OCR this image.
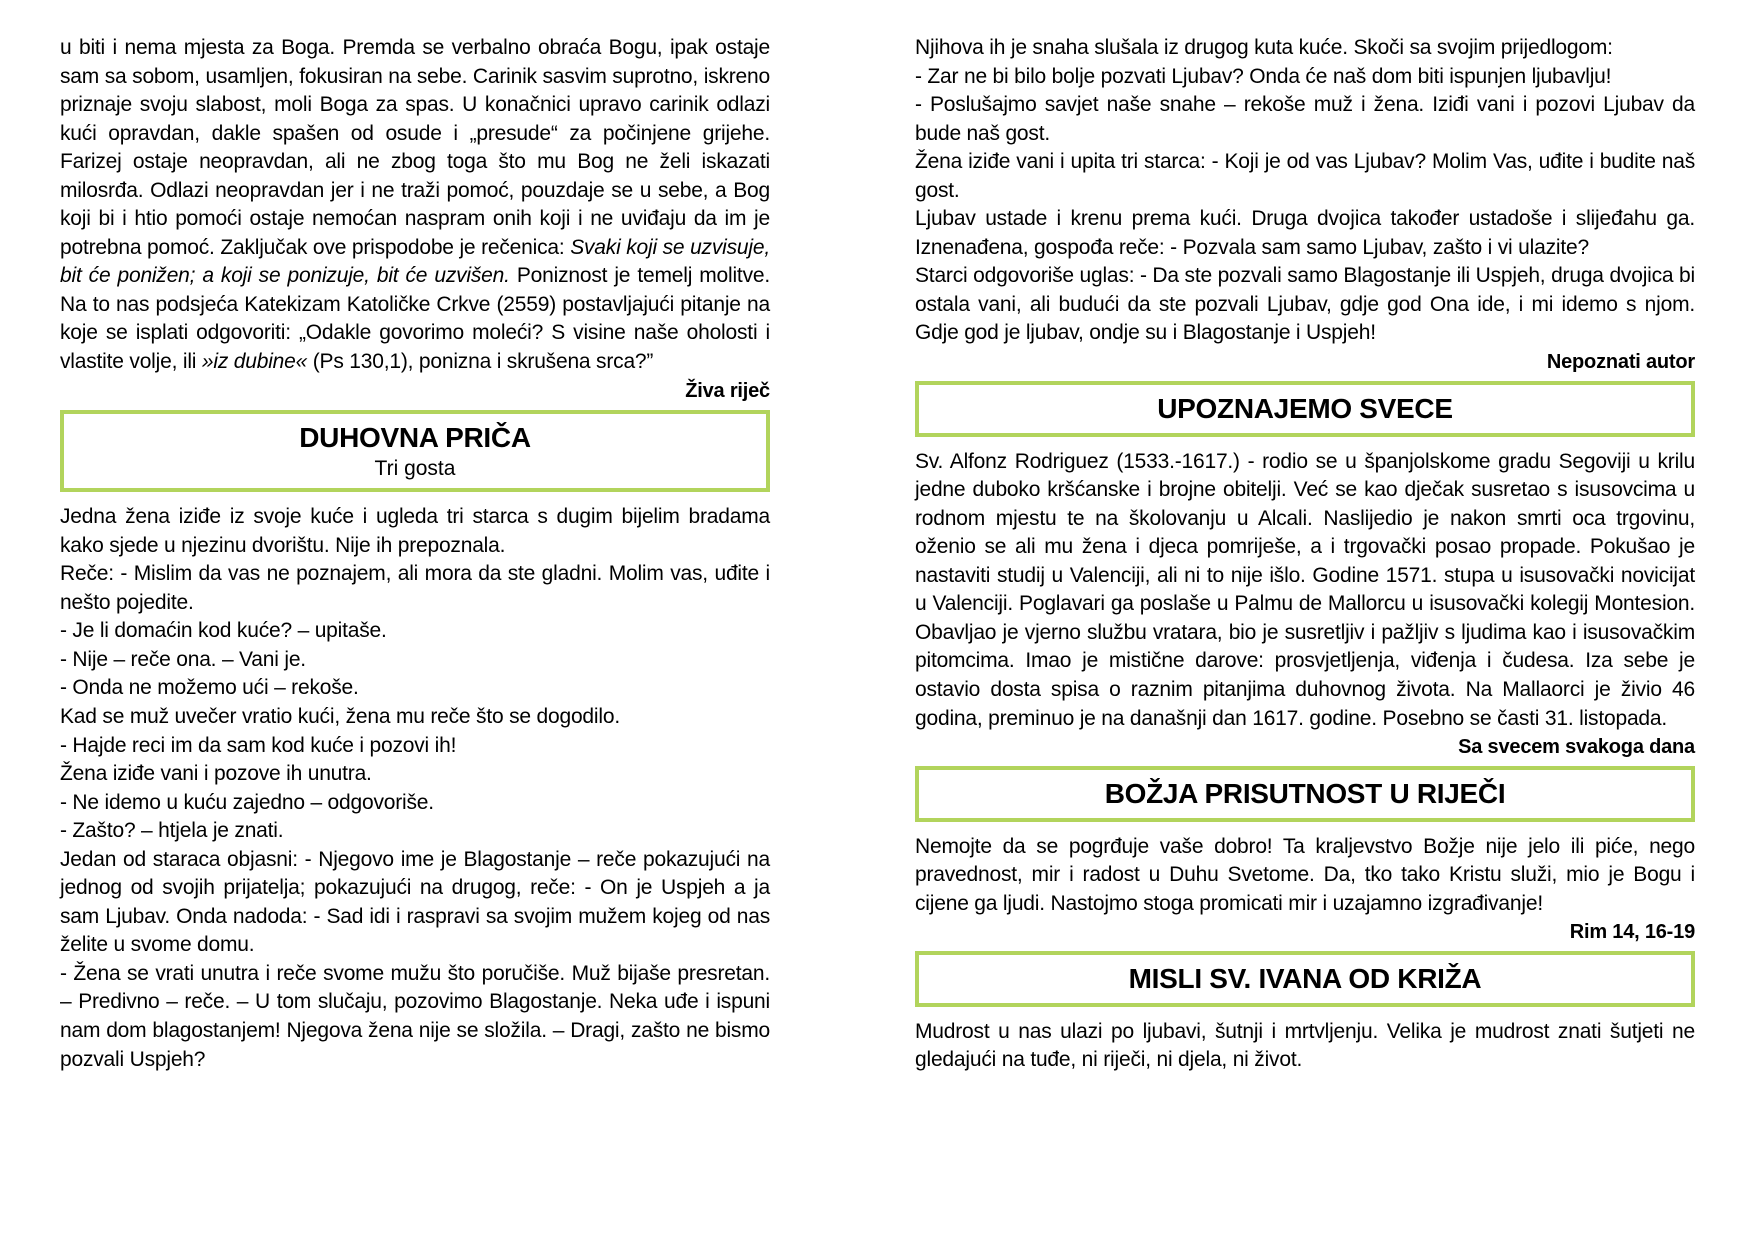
u biti i nema mjesta za Boga. Premda se verbalno obraća Bogu, ipak ostaje sam sa sobom, usamljen, fokusiran na sebe. Carinik sasvim suprotno, iskreno priznaje svoju slabost, moli Boga za spas. U konačnici upravo carinik odlazi kući opravdan, dakle spašen od osude i „presude“ za počinjene grijehe. Farizej ostaje neopravdan, ali ne zbog toga što mu Bog ne želi iskazati milosrđa. Odlazi neopravdan jer i ne traži pomoć, pouzdaje se u sebe, a Bog koji bi i htio pomoći ostaje nemoćan naspram onih koji i ne uviđaju da im je potrebna pomoć. Zaključak ove prispodobe je rečenica: Svaki koji se uzvisuje, bit će ponižen; a koji se ponizuje, bit će uzvišen. Poniznost je temelj molitve. Na to nas podsjeća Katekizam Katoličke Crkve (2559) postavljajući pitanje na koje se isplati odgovoriti: „Odakle govorimo moleći? S visine naše oholosti i vlastite volje, ili »iz dubine« (Ps 130,1), ponizna i skrušena srca?”

Živa riječ

DUHOVNA PRIČA
Tri gosta

Jedna žena iziđe iz svoje kuće i ugleda tri starca s dugim bijelim bradama kako sjede u njezinu dvorištu. Nije ih prepoznala.

Reče: - Mislim da vas ne poznajem, ali mora da ste gladni. Molim vas, uđite i nešto pojedite.

- Je li domaćin kod kuće? – upitaše.

- Nije – reče ona. – Vani je.

- Onda ne možemo ući – rekoše.

Kad se muž uvečer vratio kući, žena mu reče što se dogodilo.

- Hajde reci im da sam kod kuće i pozovi ih!

Žena iziđe vani i pozove ih unutra.

- Ne idemo u kuću zajedno – odgovoriše.

- Zašto? – htjela je znati.

Jedan od staraca objasni: - Njegovo ime je Blagostanje – reče pokazujući na jednog od svojih prijatelja; pokazujući na drugog, reče: - On je Uspjeh a ja sam Ljubav. Onda nadoda: - Sad idi i raspravi sa svojim mužem kojeg od nas želite u svome domu.

- Žena se vrati unutra i reče svome mužu što poručiše. Muž bijaše presretan. – Predivno – reče. – U tom slučaju, pozovimo Blagostanje. Neka uđe i ispuni nam dom blagostanjem! Njegova žena nije se složila. – Dragi, zašto ne bismo pozvali Uspjeh?

Njihova ih je snaha slušala iz drugog kuta kuće. Skoči sa svojim prijedlogom:

- Zar ne bi bilo bolje pozvati Ljubav? Onda će naš dom biti ispunjen ljubavlju!

- Poslušajmo savjet naše snahe – rekoše muž i žena. Iziđi vani i pozovi Ljubav da bude naš gost.

Žena iziđe vani i upita tri starca: - Koji je od vas Ljubav? Molim Vas, uđite i budite naš gost.

Ljubav ustade i krenu prema kući. Druga dvojica također ustadoše i slijeđahu ga. Iznenađena, gospođa reče: - Pozvala sam samo Ljubav, zašto i vi ulazite?

Starci odgovoriše uglas: - Da ste pozvali samo Blagostanje ili Uspjeh, druga dvojica bi ostala vani, ali budući da ste pozvali Ljubav, gdje god Ona ide, i mi idemo s njom. Gdje god je ljubav, ondje su i Blagostanje i Uspjeh!

Nepoznati autor

UPOZNAJEMO SVECE

Sv. Alfonz Rodriguez (1533.-1617.) - rodio se u španjolskome gradu Segoviji u krilu jedne duboko kršćanske i brojne obitelji. Već se kao dječak susretao s isusovcima u rodnom mjestu te na školovanju u Alcali. Naslijedio je nakon smrti oca trgovinu, oženio se ali mu žena i djeca pomriješe, a i trgovački posao propade. Pokušao je nastaviti studij u Valenciji, ali ni to nije išlo. Godine 1571. stupa u isusovački novicijat u Valenciji. Poglavari ga poslaše u Palmu de Mallorcu u isusovački kolegij Montesion. Obavljao je vjerno službu vratara, bio je susretljiv i pažljiv s ljudima kao i isusovačkim pitomcima. Imao je mistične darove: prosvjetljenja, viđenja i čudesa. Iza sebe je ostavio dosta spisa o raznim pitanjima duhovnog života. Na Mallaorci je živio 46 godina, preminuo je na današnji dan 1617. godine. Posebno se časti 31. listopada.

Sa svecem svakoga dana

BOŽJA PRISUTNOST U RIJEČI

Nemojte da se pogrđuje vaše dobro! Ta kraljevstvo Božje nije jelo ili piće, nego pravednost, mir i radost u Duhu Svetome. Da, tko tako Kristu služi, mio je Bogu i cijene ga ljudi. Nastojmo stoga promicati mir i uzajamno izgrađivanje!

Rim 14, 16-19

MISLI SV. IVANA OD KRIŽA

Mudrost u nas ulazi po ljubavi, šutnji i mrtvljenju. Velika je mudrost znati šutjeti ne gledajući na tuđe, ni riječi, ni djela, ni život.
